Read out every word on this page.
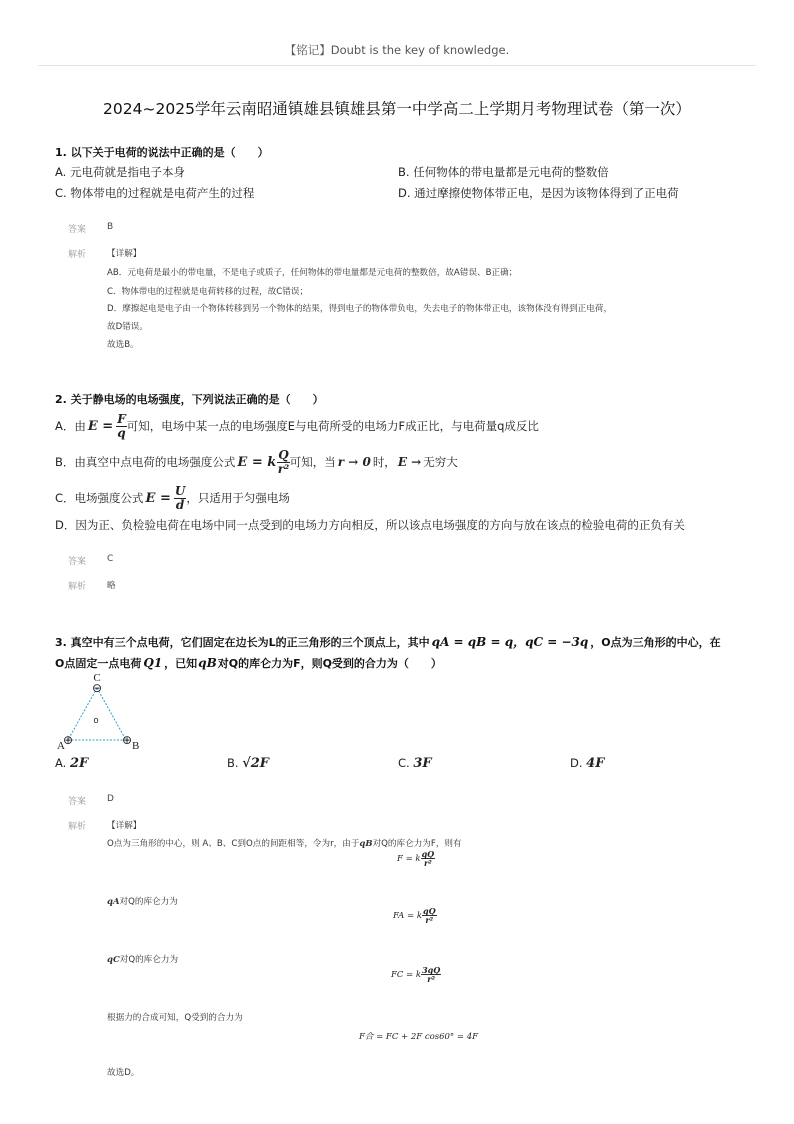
【铭记】Doubt is the key of knowledge.
2024~2025学年云南昭通镇雄县镇雄县第一中学高二上学期月考物理试卷（第一次）
1. 以下关于电荷的说法中正确的是（　　）
A. 元电荷就是指电子本身	B. 任何物体的带电量都是元电荷的整数倍
C. 物体带电的过程就是电荷产生的过程	D. 通过摩擦使物体带正电，是因为该物体得到了正电荷
答案 B
解析 【详解】
AB．元电荷是最小的带电量，不是电子或质子，任何物体的带电量都是元电荷的整数倍，故A错误、B正确；
C．物体带电的过程就是电荷转移的过程，故C错误；
D．摩擦起电是电子由一个物体转移到另一个物体的结果，得到电子的物体带负电，失去电子的物体带正电，该物体没有得到正电荷，
故D错误。
故选B。
2. 关于静电场的电场强度，下列说法正确的是（　　）
A．由 $E = \frac{F}{q}$ 可知，电场中某一点的电场强度E与电荷所受的电场力F成正比，与电荷量q成反比
B．由真空中点电荷的电场强度公式 E = k $\frac{Q}{\text{r²}}$ 可知，当 r → 0 时， E → 无穷大
C．电场强度公式 $E = \frac{U}{d}$ ，只适用于匀强电场
D．因为正、负检验电荷在电场中同一点受到的电场力方向相反，所以该点电场强度的方向与放在该点的检验电荷的正负有关
答案 C
解析 略
3. 真空中有三个点电荷，它们固定在边长为L的正三角形的三个顶点上，其中 qA = qB = q，qC = −3q ，O点为三角形的中心，在
O点固定一点电荷 Q1 ，已知 qB 对Q的库仑力为F，则Q受到的合力为（　　）
C
⊖
⊕	⊕
A	B
o
A. 2F	B. √2F	C. 3F	D. 4F
答案 D
解析 【详解】
O点为三角形的中心，则 A、B、C到O点的间距相等，令为r，由于 qB 对Q的库仑力为F，则有
F = k $\frac{qQ}{\text{r²}}$
qA 对Q的库仑力为
FA = k $\frac{qQ}{\text{r²}}$
qC 对Q的库仑力为
FC = k $\frac{3qQ}{\text{r²}}$
根据力的合成可知，Q受到的合力为
F合 = FC + 2F cos60° = 4F
故选D。
